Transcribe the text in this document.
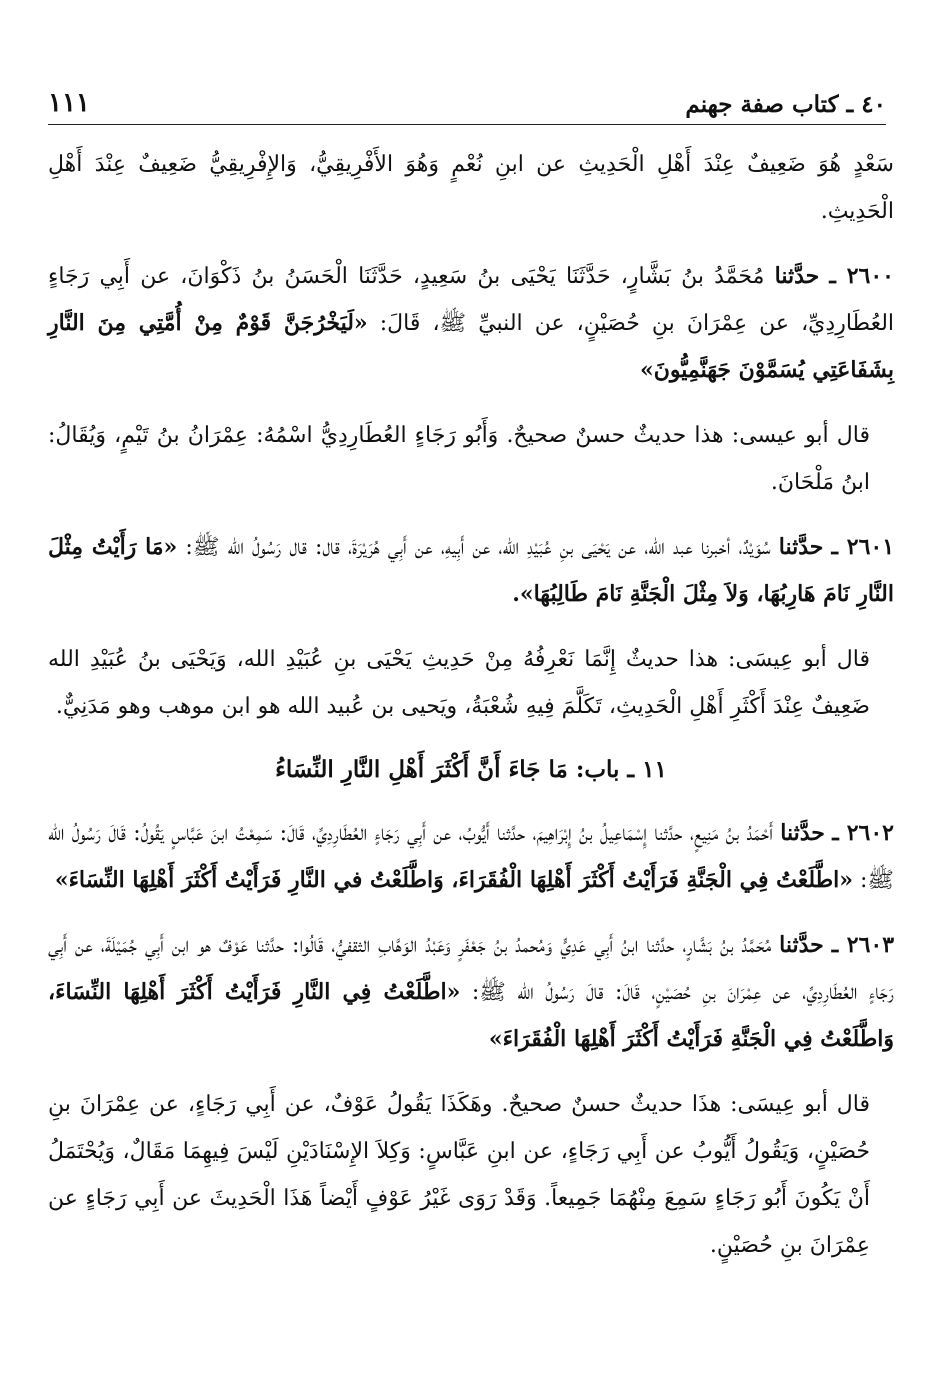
٤٠ ـ كتاب صفة جهنم
١١١

سَعْدٍ هُوَ ضَعِيفٌ عِنْدَ أَهْلِ الْحَدِيثِ عن ابنِ نُعْمٍ وَهُوَ الأَفْرِيقِيُّ، وَالإِفْرِيقِيُّ ضَعِيفٌ عِنْدَ أَهْلِ الْحَدِيثِ.

٢٦٠٠ ـ حدَّثنا مُحَمَّدُ بنُ بَشَّارٍ، حَدَّثَنَا يَحْيَى بنُ سَعِيدٍ، حَدَّثَنَا الْحَسَنُ بنُ ذَكْوَانَ، عن أَبِي رَجَاءٍ العُطَارِدِيِّ، عن عِمْرَانَ بنِ حُصَيْنٍ، عن النبيِّ ﷺ، قَالَ: «لَيَخْرُجَنَّ قَوْمٌ مِنْ أُمَّتِي مِنَ النَّارِ بِشَفَاعَتِي يُسَمَّوْنَ جَهَنَّمِيُّونَ»

قال أبو عيسى: هذا حديثٌ حسنٌ صحيحٌ. وَأَبُو رَجَاءٍ العُطَارِدِيُّ اسْمُهُ: عِمْرَانُ بنُ تَيْمٍ، وَيُقَالُ: ابنُ مَلْحَانَ.

٢٦٠١ ـ حدَّثنا سُوَيْدٌ، أخبرنا عبد الله، عن يَحْيَى بنِ عُبَيْدِ الله، عن أَبِيهِ، عن أَبِي هُرَيْرَةَ، قال: قال رَسُولُ الله ﷺ: «مَا رَأَيْتُ مِثْلَ النَّارِ نَامَ هَارِبُهَا، وَلاَ مِثْلَ الْجَنَّةِ نَامَ طَالِبُهَا».

قال أبو عِيسَى: هذا حديثٌ إِنَّمَا نَعْرِفُهُ مِنْ حَدِيثِ يَحْيَى بنِ عُبَيْدِ الله، وَيَحْيَى بنُ عُبَيْدِ الله ضَعِيفٌ عِنْدَ أَكْثَرِ أَهْلِ الْحَدِيثِ، تَكَلَّمَ فِيهِ شُعْبَةُ، ويَحيى بن عُبيد الله هو ابن موهب وهو مَدَنِيٌّ.

١١ ـ باب: مَا جَاءَ أَنَّ أَكْثَرَ أَهْلِ النَّارِ النِّسَاءُ

٢٦٠٢ ـ حدَّثنا أَحْمَدُ بنُ مَنِيعٍ، حدَّثنا إِسْمَاعِيلُ بنُ إِبْرَاهِيمَ، حدَّثنا أَيُّوبُ، عن أَبِي رَجَاءٍ العُطَارِدِيِّ، قَالَ: سَمِعْتُ ابنَ عَبَّاسٍ يَقُولُ: قَالَ رَسُولُ الله ﷺ: «اطَّلَعْتُ فِي الْجَنَّةِ فَرَأَيْتُ أَكْثَرَ أَهْلِهَا الْفُقَرَاءَ، وَاطَّلَعْتُ في النَّارِ فَرَأَيْتُ أَكْثَرَ أَهْلِهَا النِّسَاءَ»

٢٦٠٣ ـ حدَّثنا مُحَمَّدُ بنُ بَشَّارٍ، حدَّثنا ابنُ أَبِي عَدِيٍّ وَمُحمدُ بنُ جَعْفَرٍ وَعَبْدُ الوَهَّابِ الثقفيُّ، قَالُوا: حدَّثنا عَوْفٌ هو ابن أَبِي جُمَيْلَةَ، عن أَبِي رَجَاءٍ العُطَارِدِيِّ، عن عِمْرَانَ بنِ حُصَيْنٍ، قَالَ: قالَ رَسُولُ الله ﷺ: «اطَّلَعْتُ فِي النَّارِ فَرَأَيْتُ أَكْثَرَ أَهْلِهَا النِّسَاءَ، وَاطَّلَعْتُ فِي الْجَنَّةِ فَرَأَيْتُ أَكْثَرَ أَهْلِهَا الْفُقَرَاءَ»

قال أبو عِيسَى: هذَا حديثٌ حسنٌ صحيحٌ. وهَكَذَا يَقُولُ عَوْفٌ، عن أَبِي رَجَاءٍ، عن عِمْرَانَ بنِ حُصَيْنٍ، وَيَقُولُ أَيُّوبُ عن أَبِي رَجَاءٍ، عن ابنِ عَبَّاسٍ: وَكِلاَ الإِسْنَادَيْنِ لَيْسَ فِيهِمَا مَقَالٌ، وَيُحْتَمَلُ أَنْ يَكُونَ أَبُو رَجَاءٍ سَمِعَ مِنْهُمَا جَمِيعاً. وَقَدْ رَوَى غَيْرُ عَوْفٍ أَيْضاً هَذَا الْحَدِيثَ عن أَبِي رَجَاءٍ عن عِمْرَانَ بنِ حُصَيْنٍ.
